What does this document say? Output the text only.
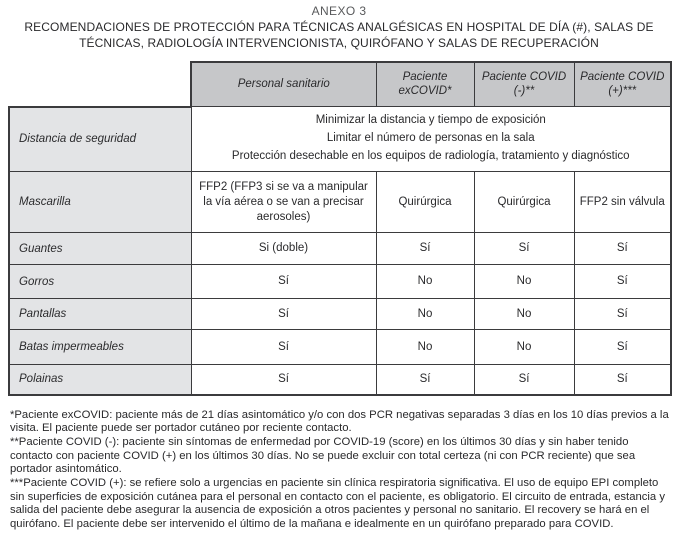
ANEXO 3
RECOMENDACIONES DE PROTECCIÓN PARA TÉCNICAS ANALGÉSICAS EN HOSPITAL DE DÍA (#), SALAS DE
TÉCNICAS, RADIOLOGÍA INTERVENCIONISTA, QUIRÓFANO Y SALAS DE RECUPERACIÓN
	Personal sanitario	Paciente exCOVID*	Paciente COVID (-)**	Paciente COVID (+)***
Distancia de seguridad	Minimizar la distancia y tiempo de exposición
Limitar el número de personas en la sala
Protección desechable en los equipos de radiología, tratamiento y diagnóstico			

Mascarilla	FFP2 (FFP3 si se va a manipular la vía aérea o se van a precisar aerosoles)	Quirúrgica	Quirúrgica	FFP2 sin válvula
Guantes	Si (doble)	Sí	Sí	Sí
Gorros	Sí	No	No	Sí
Pantallas	Sí	No	No	Sí
Batas impermeables	Sí	No	No	Sí
Polainas	Sí	Sí	Sí	Sí

*Paciente exCOVID: paciente más de 21 días asintomático y/o con dos PCR negativas separadas 3 días en los 10 días previos a la visita. El paciente puede ser portador cutáneo por reciente contacto.

**Paciente COVID (-): paciente sin síntomas de enfermedad por COVID-19 (score) en los últimos 30 días y sin haber tenido contacto con paciente COVID (+) en los últimos 30 días. No se puede excluir con total certeza (ni con PCR reciente) que sea portador asintomático.

***Paciente COVID (+): se refiere solo a urgencias en paciente sin clínica respiratoria significativa. El uso de equipo EPI completo sin superficies de exposición cutánea para el personal en contacto con el paciente, es obligatorio. El circuito de entrada, estancia y salida del paciente debe asegurar la ausencia de exposición a otros pacientes y personal no sanitario. El recovery se hará en el quirófano. El paciente debe ser intervenido el último de la mañana e idealmente en un quirófano preparado para COVID.
